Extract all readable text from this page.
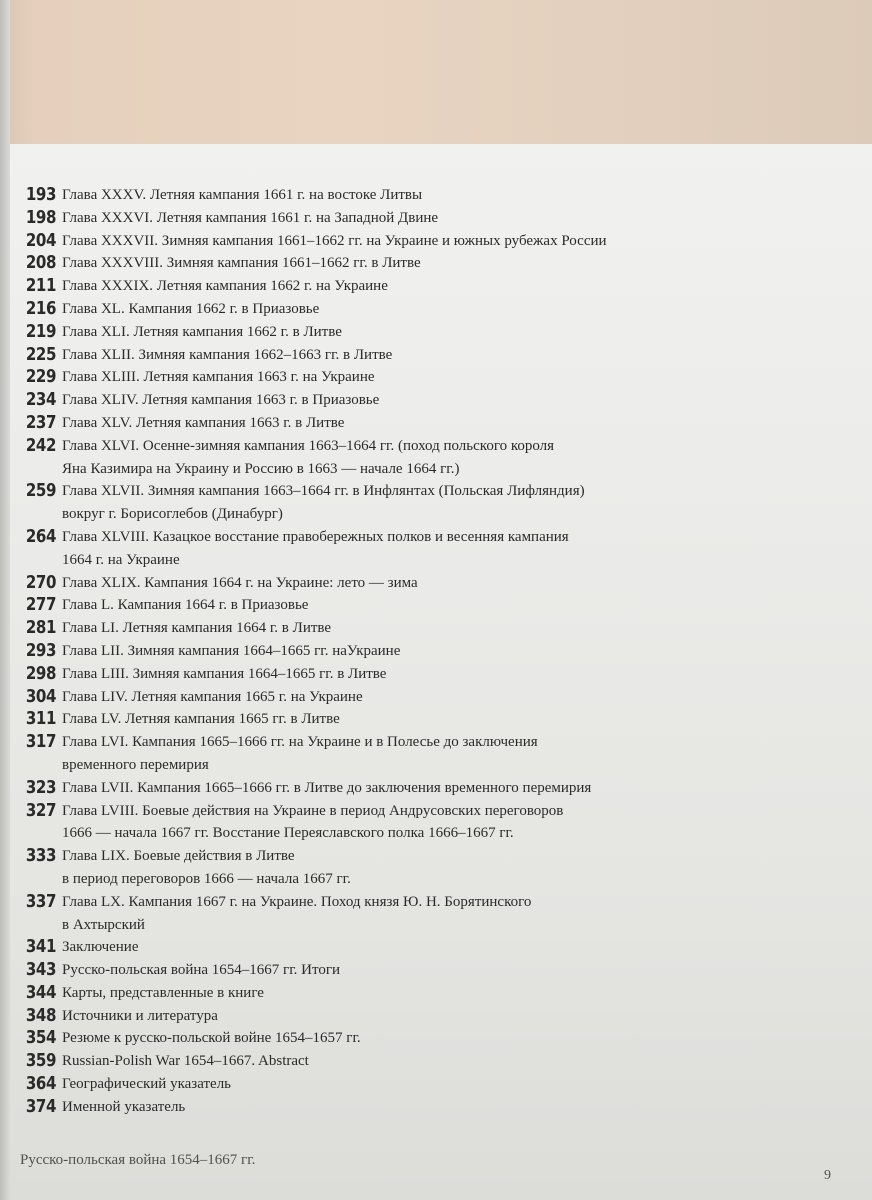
193 Глава XXXV. Летняя кампания 1661 г. на востоке Литвы
198 Глава XXXVI. Летняя кампания 1661 г. на Западной Двине
204 Глава XXXVII. Зимняя кампания 1661–1662 гг. на Украине и южных рубежах России
208 Глава XXXVIII. Зимняя кампания 1661–1662 гг. в Литве
211 Глава XXXIX. Летняя кампания 1662 г. на Украине
216 Глава XL. Кампания 1662 г. в Приазовье
219 Глава XLI. Летняя кампания 1662 г. в Литве
225 Глава XLII. Зимняя кампания 1662–1663 гг. в Литве
229 Глава XLIII. Летняя кампания 1663 г. на Украине
234 Глава XLIV. Летняя кампания 1663 г. в Приазовье
237 Глава XLV. Летняя кампания 1663 г. в Литве
242 Глава XLVI. Осенне-зимняя кампания 1663–1664 гг. (поход польского короля
Яна Казимира на Украину и Россию в 1663 — начале 1664 гг.)
259 Глава XLVII. Зимняя кампания 1663–1664 гг. в Инфлянтах (Польская Лифляндия)
вокруг г. Борисоглебов (Динабург)
264 Глава XLVIII. Казацкое восстание правобережных полков и весенняя кампания
1664 г. на Украине
270 Глава XLIX. Кампания 1664 г. на Украине: лето — зима
277 Глава L. Кампания 1664 г. в Приазовье
281 Глава LI. Летняя кампания 1664 г. в Литве
293 Глава LII. Зимняя кампания 1664–1665 гг. наУкраине
298 Глава LIII. Зимняя кампания 1664–1665 гг. в Литве
304 Глава LIV. Летняя кампания 1665 г. на Украине
311 Глава LV. Летняя кампания 1665 гг. в Литве
317 Глава LVI. Кампания 1665–1666 гг. на Украине и в Полесье до заключения
временного перемирия
323 Глава LVII. Кампания 1665–1666 гг. в Литве до заключения временного перемирия
327 Глава LVIII. Боевые действия на Украине в период Андрусовских переговоров
1666 — начала 1667 гг. Восстание Переяславского полка 1666–1667 гг.
333 Глава LIX. Боевые действия в Литве
в период переговоров 1666 — начала 1667 гг.
337 Глава LX. Кампания 1667 г. на Украине. Поход князя Ю. Н. Борятинского
в Ахтырский
341 Заключение
343 Русско-польская война 1654–1667 гг. Итоги
344 Карты, представленные в книге
348 Источники и литература
354 Резюме к русско-польской войне 1654–1657 гг.
359 Russian-Polish War 1654–1667. Abstract
364 Географический указатель
374 Именной указатель
Русско-польская война 1654–1667 гг.
9
